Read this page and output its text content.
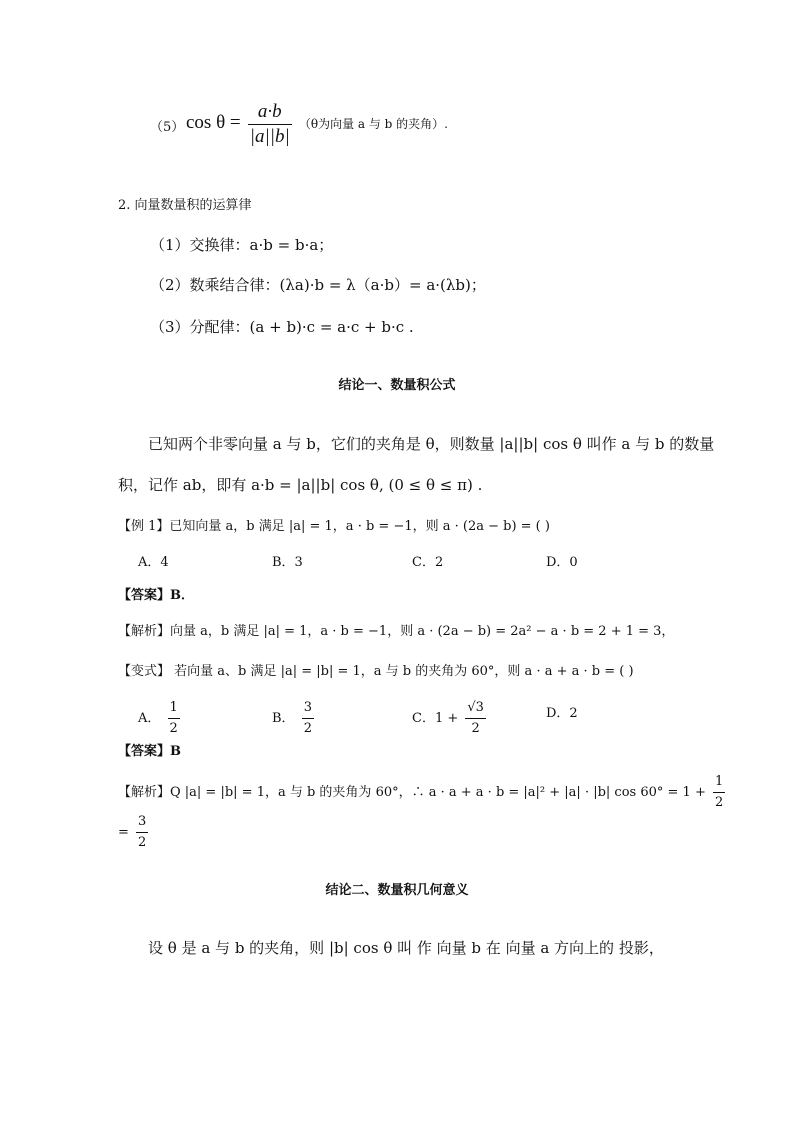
（5） $\cos \theta = \frac{a\cdot b}{|a||b|} (\theta$为向量 a 与 b 的夹角）.
2. 向量数量积的运算律
（1）交换律：a·b = b·a；
（2）数乘结合律：(λa)·b = λ（a·b）= a·(λb)；
（3）分配律：(a + b)·c = a·c + b·c .
结论一、数量积公式
已知两个非零向量 a 与 b，它们的夹角是 θ，则数量 |a||b| cos θ 叫作 a 与 b 的数量
积，记作 ab，即有 a·b = |a||b| cos θ, (0 ≤ θ ≤ π) .
【例 1】已知向量 a，b 满足 |a| = 1，a · b = −1，则 a · (2a − b) = ( )
A．4	B．3	C．2	D．0
【答案】B．
【解析】向量 a，b 满足 |a| = 1，a · b = −1，则 a · (2a − b) = 2a² − a · b = 2 + 1 = 3，
【变式】 若向量 a、b 满足 |a| = |b| = 1，a 与 b 的夹角为 60°，则 a · a + a · b = ( )
A． $\frac{1}{2}$	B． $\frac{3}{2}$	C．$1 + \frac{√3}{2}$	D．2
【答案】B
【解析】Q |a| = |b| = 1，a 与 b 的夹角为 60°，∴ a · a + a · b = |a|² + |a| · |b| $\cos 60^\circ = 1 + \frac{1}{2}$
= $\frac{3}{2}$
结论二、数量积几何意义
设 θ 是 a 与 b 的夹角，则 |b| cos θ 叫 作 向量 b 在 向量 a 方向上的 投影，
